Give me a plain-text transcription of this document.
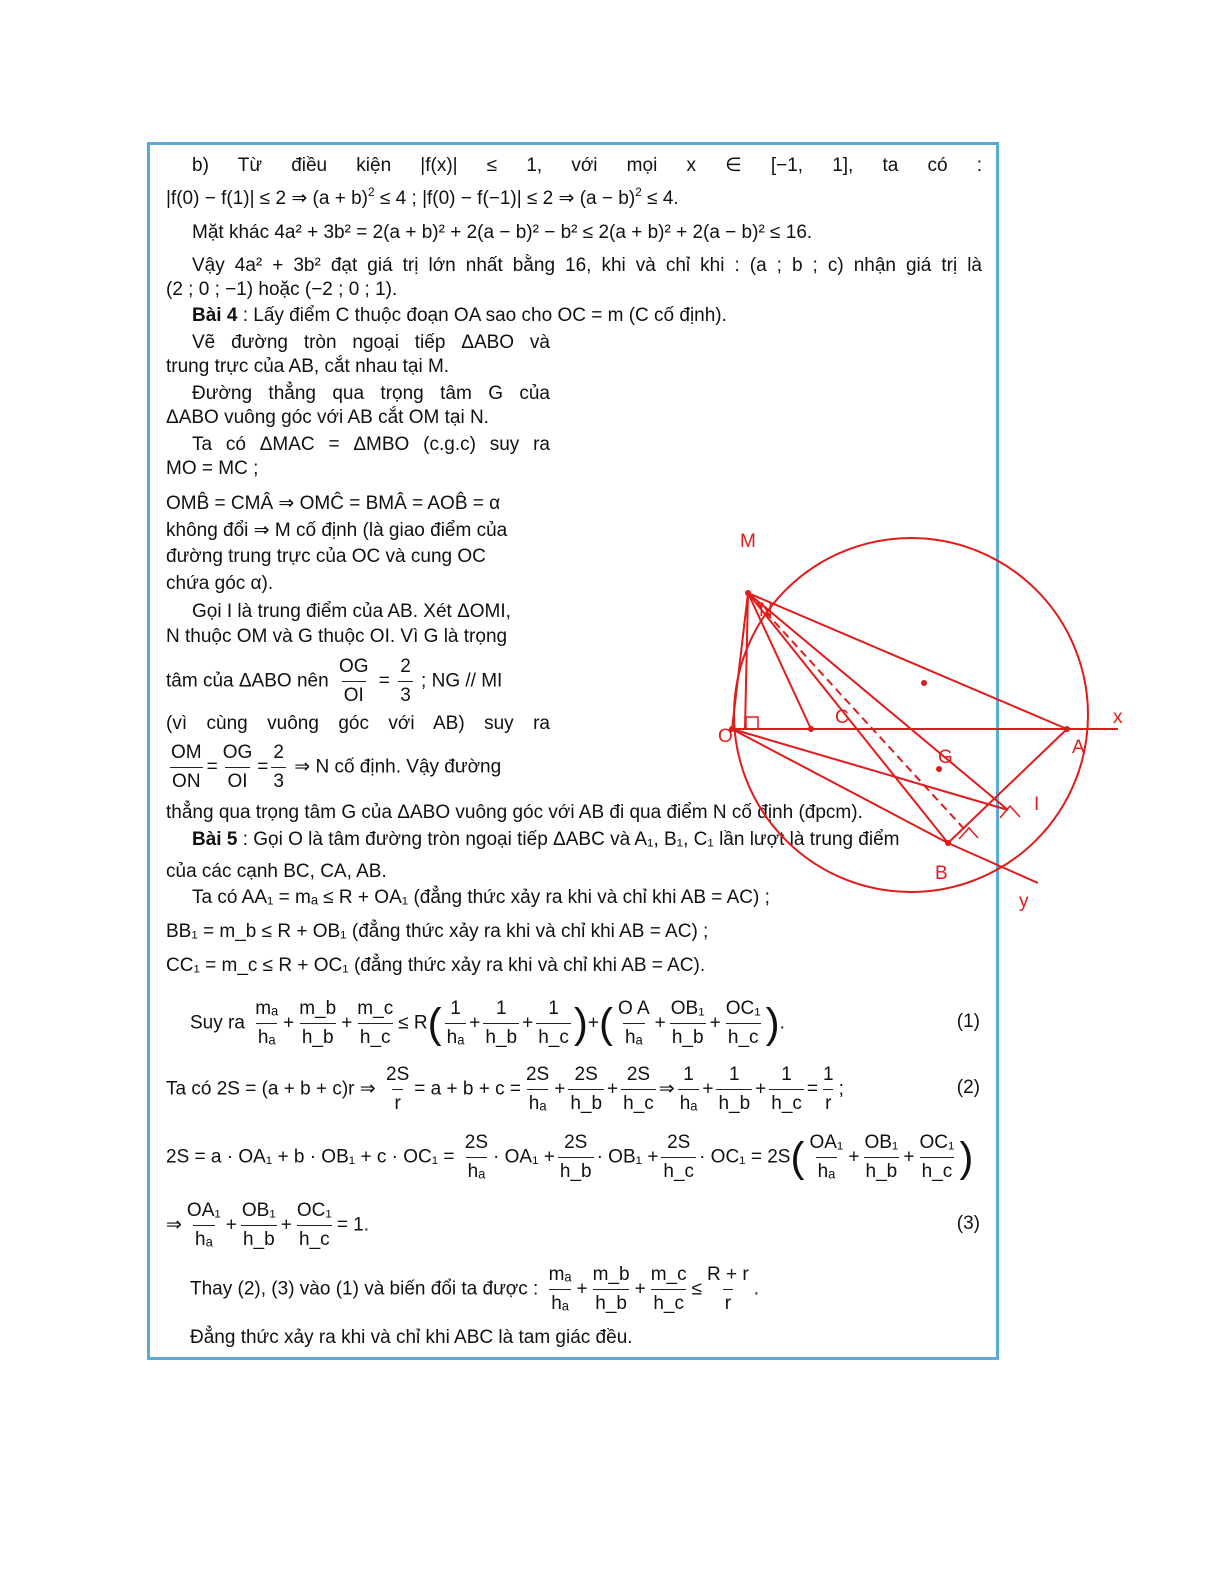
b) Từ điều kiện |f(x)| ≤ 1, với mọi x ∈ [−1, 1], ta có :
|f(0) − f(1)| ≤ 2 ⇒ $(a + b)^2 \le 4$ ; |f(0) − f(−1)| ≤ 2 ⇒ $(a - b)^2 \le 4$.
Mặt khác 4a² + 3b² = 2(a + b)² + 2(a − b)² − b² ≤ 2(a + b)² + 2(a − b)² ≤ 16.
Vậy 4a² + 3b² đạt giá trị lớn nhất bằng 16, khi và chỉ khi : (a ; b ; c) nhận giá trị là
(2 ; 0 ; −1) hoặc (−2 ; 0 ; 1).
Bài 4 : Lấy điểm C thuộc đoạn OA sao cho OC = m (C cố định).
Vẽ đường tròn ngoại tiếp ΔABO và
trung trực của AB, cắt nhau tại M.
Đường thẳng qua trọng tâm G của
ΔABO vuông góc với AB cắt OM tại N.
Ta có ΔMAC = ΔMBO (c.g.c) suy ra
MO = MC ;
OMB̂ = CMÂ ⇒ OMĈ = BMÂ = AOB̂ = α
không đổi ⇒ M cố định (là giao điểm của
đường trung trực của OC và cung OC
chứa góc α).
Gọi I là trung điểm của AB. Xét ΔOMI,
N thuộc OM và G thuộc OI. Vì G là trọng
tâm của ΔABO nên $\frac{OG}{OI} = \frac{2}{3}$ ; NG // MI
(vì cùng vuông góc với AB) suy ra
$\frac{OM}{ON} = \frac{OG}{OI} = \frac{2}{3}$ ⇒ N cố định. Vậy đường
thẳng qua trọng tâm G của ΔABO vuông góc với AB đi qua điểm N cố định (đpcm).
Bài 5 : Gọi O là tâm đường tròn ngoại tiếp ΔABC và A₁, B₁, C₁ lần lượt là trung điểm
của các cạnh BC, CA, AB.
Ta có AA₁ = mₐ ≤ R + OA₁ (đẳng thức xảy ra khi và chỉ khi AB = AC) ;
BB₁ = m_b ≤ R + OB₁ (đẳng thức xảy ra khi và chỉ khi AB = AC) ;
CC₁ = m_c ≤ R + OC₁ (đẳng thức xảy ra khi và chỉ khi AB = AC).
Suy ra $\frac{\text{mₐ}}{\text{hₐ}} + \frac{m\_b}{h\_b} + \frac{m\_c}{h\_c} \le R( \frac{1}{\text{hₐ}} + \frac{1}{h\_b} + \frac{1}{h\_c}$ )+( $\frac{\text{O A}}{\text{hₐ}} + \frac{\text{OB₁}}{h\_b} + \frac{\text{OC₁}}{h\_c}$ ).	(1)
Ta có 2S = (a + b + c)r ⇒ $\frac{2S}{r} = a + b + c = \frac{2S}{\text{hₐ}} + \frac{2S}{h\_b} + \frac{2S}{h\_c}$ ⇒ $\frac{1}{\text{hₐ}} + \frac{1}{h\_b} + \frac{1}{h\_c} = \frac{1}{r}$ ;	(2)
$2S = a \cdot OA_1 + b \cdot OB_1 + c \cdot OC_1 = \frac{2S}{\text{hₐ}} \cdot OA_1 + \frac{2S}{h\_b} \cdot OB_1 + \frac{2S}{h\_c} \cdot OC_1 = 2S( \frac{\text{OA₁}}{\text{hₐ}} + \frac{\text{OB₁}}{h\_b} + \frac{\text{OC₁}}{h\_c}$ )
⇒ $\frac{\text{OA₁}}{\text{hₐ}} + \frac{\text{OB₁}}{h\_b} + \frac{\text{OC₁}}{h\_c} = 1$.	(3)
Thay (2), (3) vào (1) và biến đổi ta được : $\frac{\text{mₐ}}{\text{hₐ}} + \frac{m\_b}{h\_b} + \frac{m\_c}{h\_c} \le \frac{R + r}{r}$ .
Đẳng thức xảy ra khi và chỉ khi ABC là tam giác đều.
M
N
C
O
A
x
G
I
B
y
